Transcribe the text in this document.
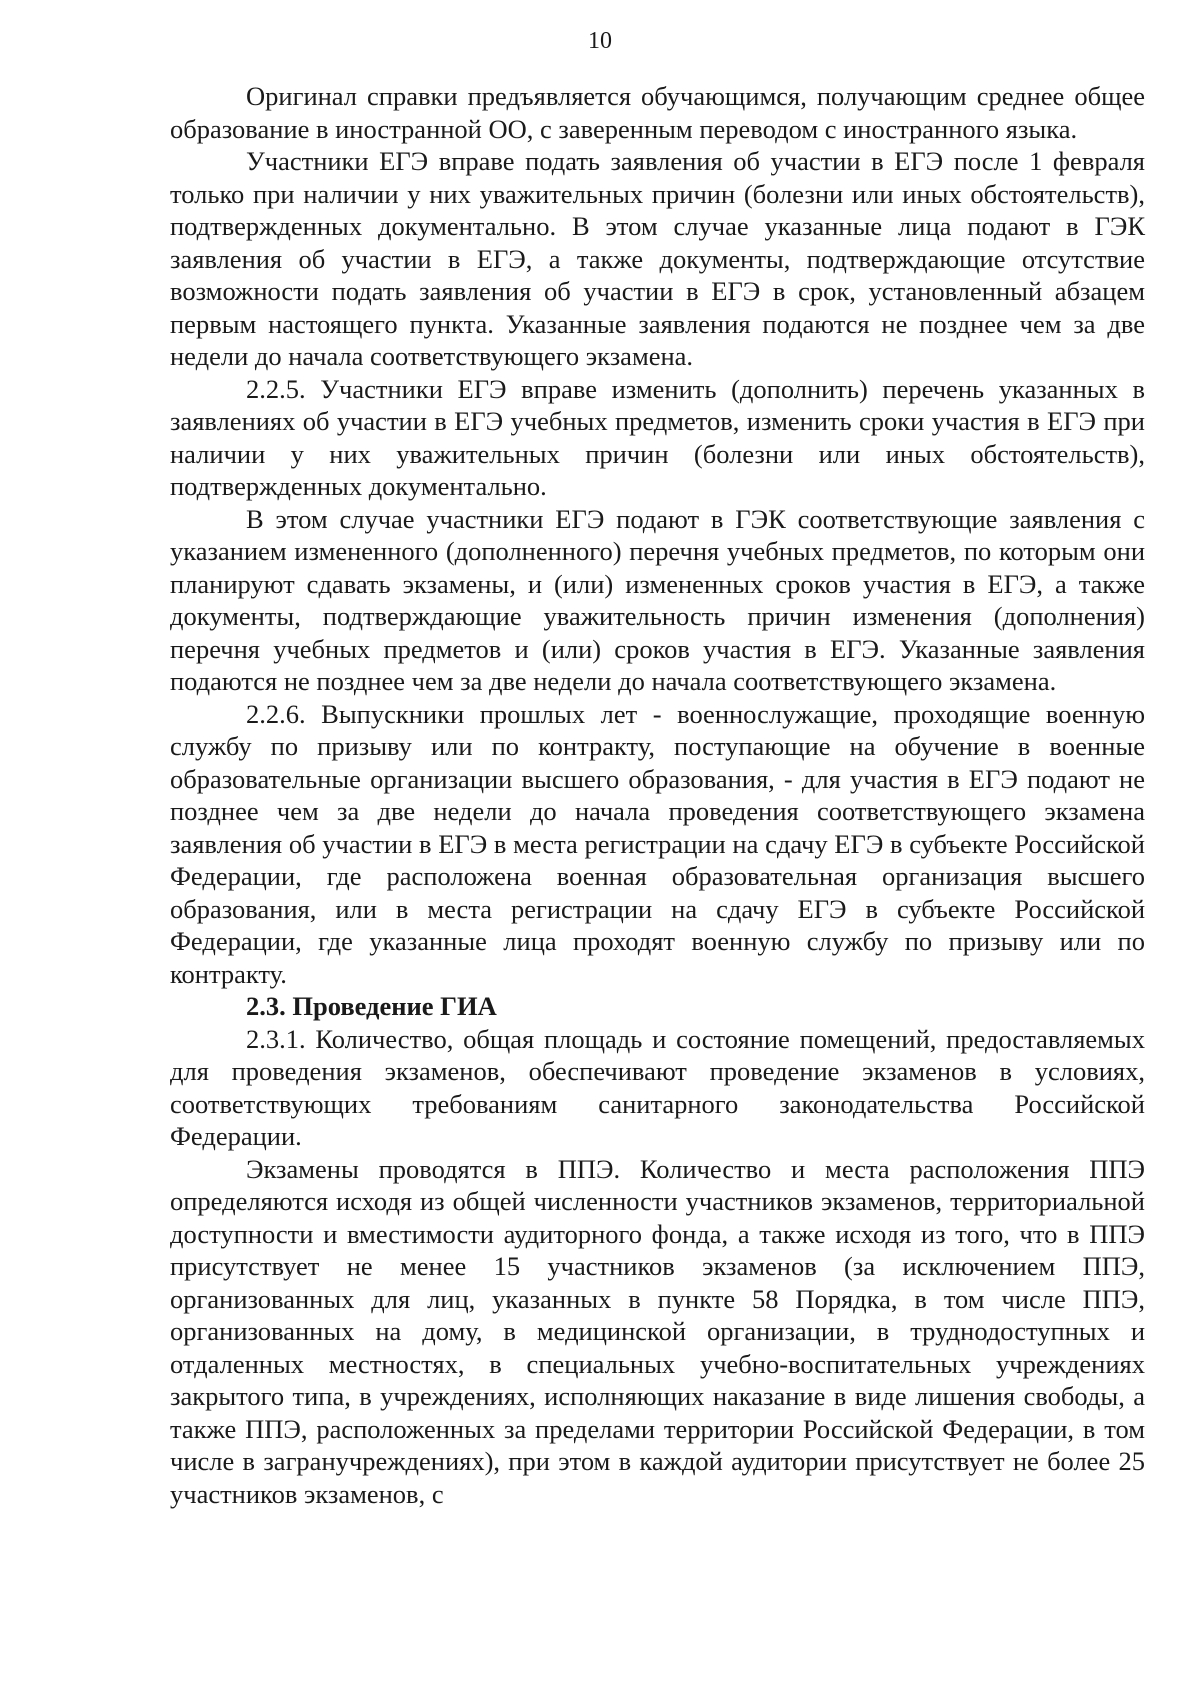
10

Оригинал справки предъявляется обучающимся, получающим среднее общее образование в иностранной ОО, с заверенным переводом с иностранного языка.

Участники ЕГЭ вправе подать заявления об участии в ЕГЭ после 1 февраля только при наличии у них уважительных причин (болезни или иных обстоятельств), подтвержденных документально. В этом случае указанные лица подают в ГЭК заявления об участии в ЕГЭ, а также документы, подтверждающие отсутствие возможности подать заявления об участии в ЕГЭ в срок, установленный абзацем первым настоящего пункта. Указанные заявления подаются не позднее чем за две недели до начала соответствующего экзамена.

2.2.5. Участники ЕГЭ вправе изменить (дополнить) перечень указанных в заявлениях об участии в ЕГЭ учебных предметов, изменить сроки участия в ЕГЭ при наличии у них уважительных причин (болезни или иных обстоятельств), подтвержденных документально.

В этом случае участники ЕГЭ подают в ГЭК соответствующие заявления с указанием измененного (дополненного) перечня учебных предметов, по которым они планируют сдавать экзамены, и (или) измененных сроков участия в ЕГЭ, а также документы, подтверждающие уважительность причин изменения (дополнения) перечня учебных предметов и (или) сроков участия в ЕГЭ. Указанные заявления подаются не позднее чем за две недели до начала соответствующего экзамена.

2.2.6. Выпускники прошлых лет - военнослужащие, проходящие военную службу по призыву или по контракту, поступающие на обучение в военные образовательные организации высшего образования, - для участия в ЕГЭ подают не позднее чем за две недели до начала проведения соответствующего экзамена заявления об участии в ЕГЭ в места регистрации на сдачу ЕГЭ в субъекте Российской Федерации, где расположена военная образовательная организация высшего образования, или в места регистрации на сдачу ЕГЭ в субъекте Российской Федерации, где указанные лица проходят военную службу по призыву или по контракту.

2.3. Проведение ГИА

2.3.1. Количество, общая площадь и состояние помещений, предоставляемых для проведения экзаменов, обеспечивают проведение экзаменов в условиях, соответствующих требованиям санитарного законодательства Российской Федерации.

Экзамены проводятся в ППЭ. Количество и места расположения ППЭ определяются исходя из общей численности участников экзаменов, территориальной доступности и вместимости аудиторного фонда, а также исходя из того, что в ППЭ присутствует не менее 15 участников экзаменов (за исключением ППЭ, организованных для лиц, указанных в пункте 58 Порядка, в том числе ППЭ, организованных на дому, в медицинской организации, в труднодоступных и отдаленных местностях, в специальных учебно-воспитательных учреждениях закрытого типа, в учреждениях, исполняющих наказание в виде лишения свободы, а также ППЭ, расположенных за пределами территории Российской Федерации, в том числе в загранучреждениях), при этом в каждой аудитории присутствует не более 25 участников экзаменов, с
